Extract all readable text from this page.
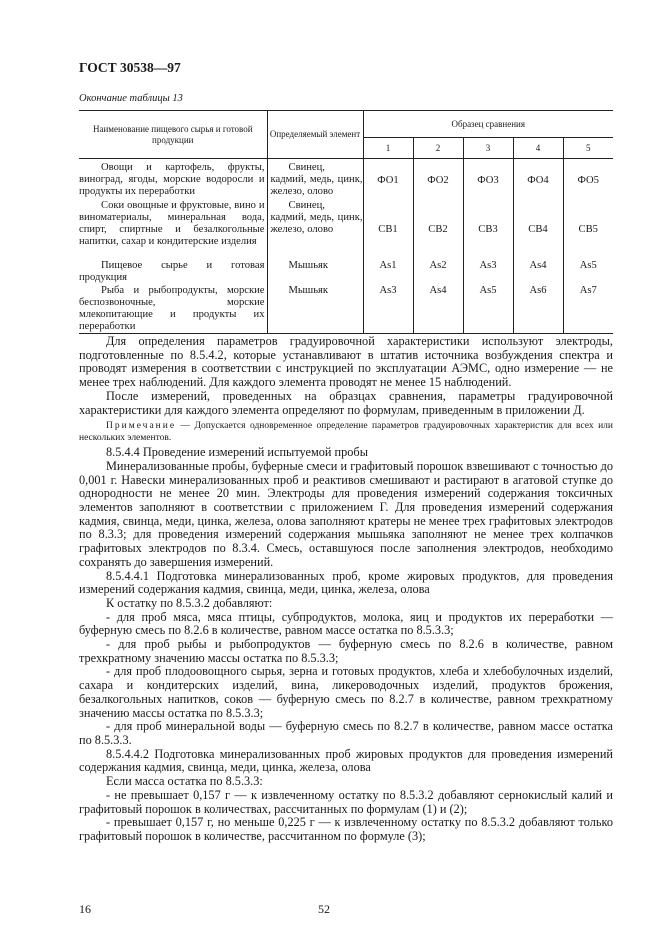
ГОСТ 30538—97
Окончание таблицы 13
Наименование пищевого сырья и готовой продукции	Определяемый элемент	Образец сравнения				
		1	2	3	4	5
Овощи и картофель, фрукты, виноград, ягоды, морские водоросли и продукты их переработки	Свинец, кадмий, медь, цинк, железо, олово	ФО1	ФО2	ФО3	ФО4	ФО5
Соки овощные и фруктовые, вино и виноматериалы, минеральная вода, спирт, спиртные и безалкогольные напитки, сахар и кондитерские изделия	Свинец, кадмий, медь, цинк, железо, олово	СВ1	СВ2	СВ3	СВ4	СВ5
Пищевое сырье и готовая продукция	Мышьяк	As1	As2	As3	As4	As5
Рыба и рыбопродукты, морские беспозвоночные, морские млекопитающие и продукты их переработки	Мышьяк	As3	As4	As5	As6	As7

Для определения параметров градуировочной характеристики используют электроды, подготовленные по 8.5.4.2, которые устанавливают в штатив источника возбуждения спектра и проводят измерения в соответствии с инструкцией по эксплуатации АЭМС, одно измерение — не менее трех наблюдений. Для каждого элемента проводят не менее 15 наблюдений.

После измерений, проведенных на образцах сравнения, параметры градуировочной характеристики для каждого элемента определяют по формулам, приведенным в приложении Д.

Примечание — Допускается одновременное определение параметров градуировочных характеристик для всех или нескольких элементов.

8.5.4.4 Проведение измерений испытуемой пробы

Минерализованные пробы, буферные смеси и графитовый порошок взвешивают с точностью до 0,001 г. Навески минерализованных проб и реактивов смешивают и растирают в агатовой ступке до однородности не менее 20 мин. Электроды для проведения измерений содержания токсичных элементов заполняют в соответствии с приложением Г. Для проведения измерений содержания кадмия, свинца, меди, цинка, железа, олова заполняют кратеры не менее трех графитовых электродов по 8.3.3; для проведения измерений содержания мышьяка заполняют не менее трех колпачков графитовых электродов по 8.3.4. Смесь, оставшуюся после заполнения электродов, необходимо сохранять до завершения измерений.

8.5.4.4.1 Подготовка минерализованных проб, кроме жировых продуктов, для проведения измерений содержания кадмия, свинца, меди, цинка, железа, олова

К остатку по 8.5.3.2 добавляют:

- для проб мяса, мяса птицы, субпродуктов, молока, яиц и продуктов их переработки — буферную смесь по 8.2.6 в количестве, равном массе остатка по 8.5.3.3;

- для проб рыбы и рыбопродуктов — буферную смесь по 8.2.6 в количестве, равном трехкратному значению массы остатка по 8.5.3.3;

- для проб плодоовощного сырья, зерна и готовых продуктов, хлеба и хлебобулочных изделий, сахара и кондитерских изделий, вина, ликероводочных изделий, продуктов брожения, безалкогольных напитков, соков — буферную смесь по 8.2.7 в количестве, равном трехкратному значению массы остатка по 8.5.3.3;

- для проб минеральной воды — буферную смесь по 8.2.7 в количестве, равном массе остатка по 8.5.3.3.

8.5.4.4.2 Подготовка минерализованных проб жировых продуктов для проведения измерений содержания кадмия, свинца, меди, цинка, железа, олова

Если масса остатка по 8.5.3.3:

- не превышает 0,157 г — к извлеченному остатку по 8.5.3.2 добавляют сернокислый калий и графитовый порошок в количествах, рассчитанных по формулам (1) и (2);

- превышает 0,157 г, но меньше 0,225 г — к извлеченному остатку по 8.5.3.2 добавляют только графитовый порошок в количестве, рассчитанном по формуле (3);

16	52
